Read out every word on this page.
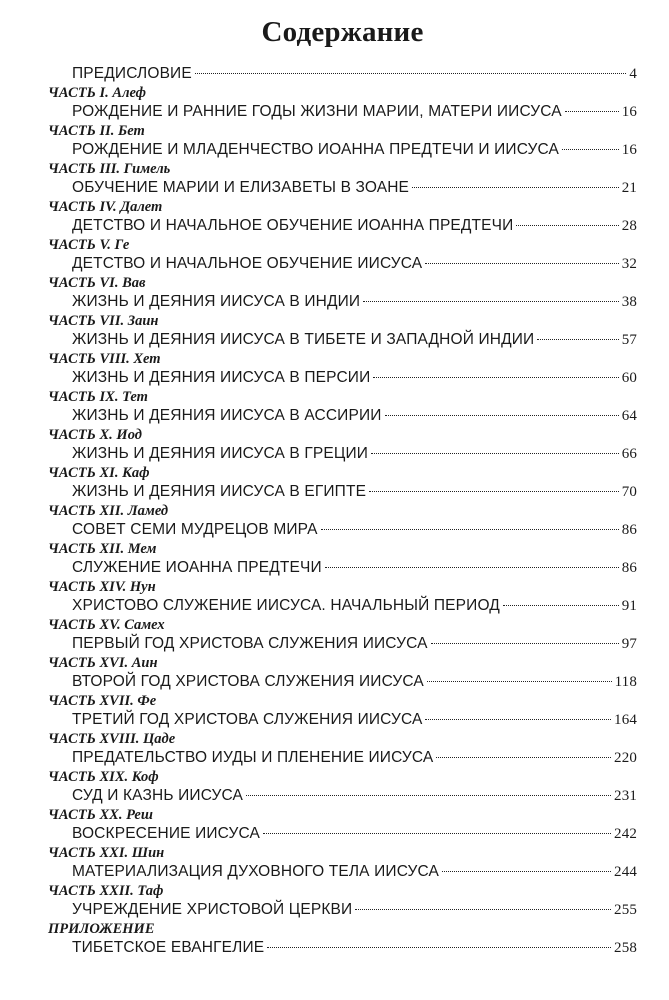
Содержание
ПРЕДИСЛОВИЕ	4
ЧАСТЬ I. Алеф
РОЖДЕНИЕ И РАННИЕ ГОДЫ ЖИЗНИ МАРИИ, МАТЕРИ ИИСУСА	16
ЧАСТЬ II. Бет
РОЖДЕНИЕ И МЛАДЕНЧЕСТВО ИОАННА ПРЕДТЕЧИ И ИИСУСА	16
ЧАСТЬ III. Гимель
ОБУЧЕНИЕ МАРИИ И ЕЛИЗАВЕТЫ В ЗОАНЕ	21
ЧАСТЬ IV. Далет
ДЕТСТВО И НАЧАЛЬНОЕ ОБУЧЕНИЕ ИОАННА ПРЕДТЕЧИ	28
ЧАСТЬ V. Ге
ДЕТСТВО И НАЧАЛЬНОЕ ОБУЧЕНИЕ ИИСУСА	32
ЧАСТЬ VI. Вав
ЖИЗНЬ И ДЕЯНИЯ ИИСУСА В ИНДИИ	38
ЧАСТЬ VII. Заин
ЖИЗНЬ И ДЕЯНИЯ ИИСУСА В ТИБЕТЕ И ЗАПАДНОЙ ИНДИИ	57
ЧАСТЬ VIII. Хет
ЖИЗНЬ И ДЕЯНИЯ ИИСУСА В ПЕРСИИ	60
ЧАСТЬ IX. Тет
ЖИЗНЬ И ДЕЯНИЯ ИИСУСА В АССИРИИ	64
ЧАСТЬ X. Иод
ЖИЗНЬ И ДЕЯНИЯ ИИСУСА В ГРЕЦИИ	66
ЧАСТЬ XI. Каф
ЖИЗНЬ И ДЕЯНИЯ ИИСУСА В ЕГИПТЕ	70
ЧАСТЬ XII. Ламед
СОВЕТ СЕМИ МУДРЕЦОВ МИРА	86
ЧАСТЬ XII. Мем
СЛУЖЕНИЕ ИОАННА ПРЕДТЕЧИ	86
ЧАСТЬ XIV. Нун
ХРИСТОВО СЛУЖЕНИЕ ИИСУСА. НАЧАЛЬНЫЙ ПЕРИОД	91
ЧАСТЬ XV. Самех
ПЕРВЫЙ ГОД ХРИСТОВА СЛУЖЕНИЯ ИИСУСА	97
ЧАСТЬ XVI. Аин
ВТОРОЙ ГОД ХРИСТОВА СЛУЖЕНИЯ ИИСУСА	118
ЧАСТЬ XVII. Фе
ТРЕТИЙ ГОД ХРИСТОВА СЛУЖЕНИЯ ИИСУСА	164
ЧАСТЬ XVIII. Цаде
ПРЕДАТЕЛЬСТВО ИУДЫ И ПЛЕНЕНИЕ ИИСУСА	220
ЧАСТЬ XIX. Коф
СУД И КАЗНЬ ИИСУСА	231
ЧАСТЬ XX. Реш
ВОСКРЕСЕНИЕ ИИСУСА	242
ЧАСТЬ XXI. Шин
МАТЕРИАЛИЗАЦИЯ ДУХОВНОГО ТЕЛА ИИСУСА	244
ЧАСТЬ XXII. Таф
УЧРЕЖДЕНИЕ ХРИСТОВОЙ ЦЕРКВИ	255
ПРИЛОЖЕНИЕ
ТИБЕТСКОЕ ЕВАНГЕЛИЕ	258
